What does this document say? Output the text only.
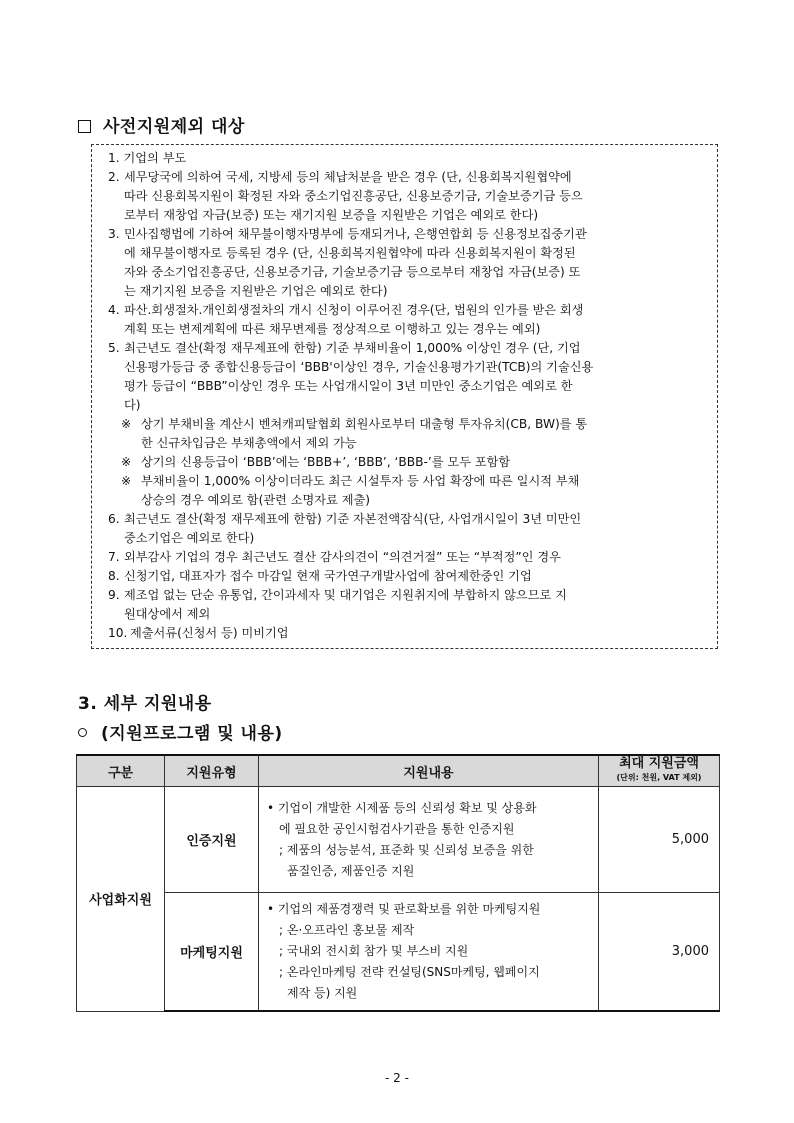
사전지원제외 대상
1. 기업의 부도
2. 세무당국에 의하여 국세, 지방세 등의 체납처분을 받은 경우 (단, 신용회복지원협약에
따라 신용회복지원이 확정된 자와 중소기업진흥공단, 신용보증기금, 기술보증기금 등으
로부터 재창업 자금(보증) 또는 재기지원 보증을 지원받은 기업은 예외로 한다)
3. 민사집행법에 기하여 채무불이행자명부에 등재되거나, 은행연합회 등 신용정보집중기관
에 채무불이행자로 등록된 경우 (단, 신용회복지원협약에 따라 신용회복지원이 확정된
자와 중소기업진흥공단, 신용보증기금, 기술보증기금 등으로부터 재창업 자금(보증) 또
는 재기지원 보증을 지원받은 기업은 예외로 한다)
4. 파산.회생절차.개인회생절차의 개시 신청이 이루어진 경우(단, 법원의 인가를 받은 회생
계획 또는 변제계획에 따른 채무변제를 정상적으로 이행하고 있는 경우는 예외)
5. 최근년도 결산(확정 재무제표에 한함) 기준 부채비율이 1,000% 이상인 경우 (단, 기업
신용평가등급 중 종합신용등급이 ‘BBB'이상인 경우, 기술신용평가기관(TCB)의 기술신용
평가 등급이 “BBB”이상인 경우 또는 사업개시일이 3년 미만인 중소기업은 예외로 한
다)
※ 상기 부채비율 계산시 벤쳐캐피탈협회 회원사로부터 대출형 투자유치(CB, BW)를 통
한 신규차입금은 부채총액에서 제외 가능
※ 상기의 신용등급이 ‘BBB’에는 ‘BBB+’, ‘BBB’, ‘BBB-’를 모두 포함함
※ 부채비율이 1,000% 이상이더라도 최근 시설투자 등 사업 확장에 따른 일시적 부채
상승의 경우 예외로 함(관련 소명자료 제출)
6. 최근년도 결산(확정 재무제표에 한함) 기준 자본전액잠식(단, 사업개시일이 3년 미만인
중소기업은 예외로 한다)
7. 외부감사 기업의 경우 최근년도 결산 감사의견이 “의견거절” 또는 “부적정”인 경우
8. 신청기업, 대표자가 접수 마감일 현재 국가연구개발사업에 참여제한중인 기업
9. 제조업 없는 단순 유통업, 간이과세자 및 대기업은 지원취지에 부합하지 않으므로 지
원대상에서 제외
10. 제출서류(신청서 등) 미비기업
3. 세부 지원내용
(지원프로그램 및 내용)
구분	지원유형	지원내용	최대 지원금액
(단위: 천원, VAT 제외)

사업화지원	인증지원	• 기업이 개발한 시제품 등의 신뢰성 확보 및 상용화
에 필요한 공인시험검사기관을 통한 인증지원
; 제품의 성능분석, 표준화 및 신뢰성 보증을 위한
품질인증, 제품인증 지원	5,000
	마케팅지원	• 기업의 제품경쟁력 및 판로확보를 위한 마케팅지원
; 온·오프라인 홍보물 제작
; 국내외 전시회 참가 및 부스비 지원
; 온라인마케팅 전략 컨설팅(SNS마케팅, 웹페이지
제작 등) 지원	3,000
- 2 -
